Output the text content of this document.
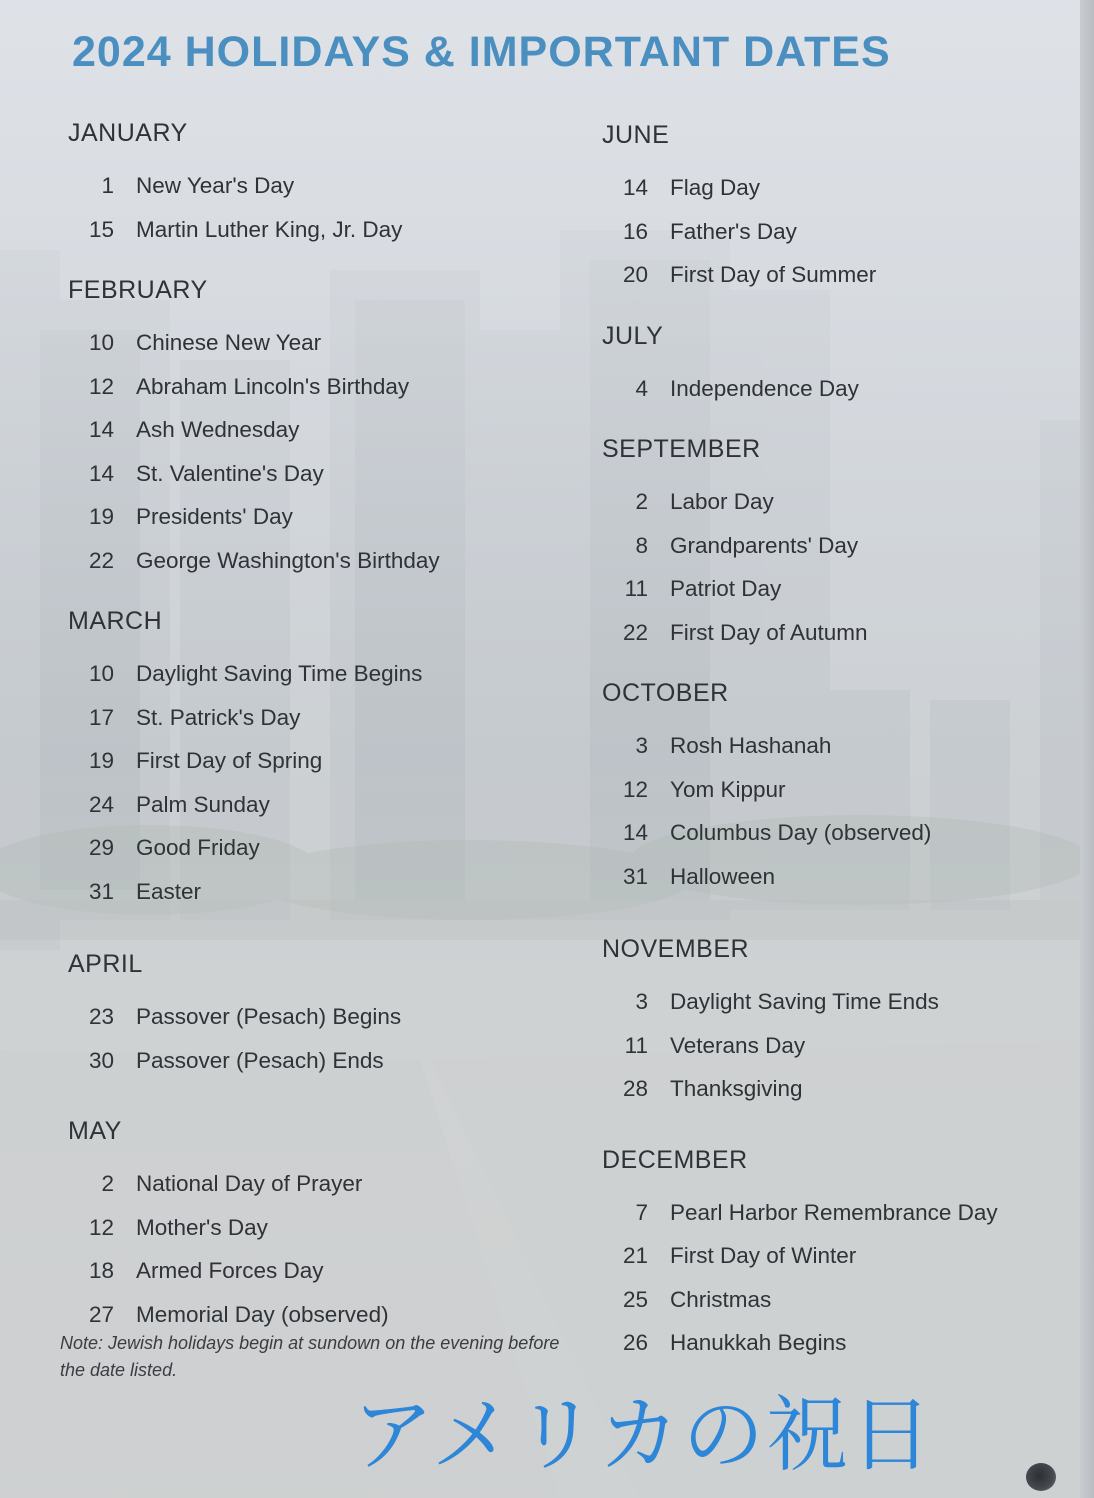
2024 HOLIDAYS & IMPORTANT DATES
JANUARY
1 New Year's Day
15 Martin Luther King, Jr. Day
FEBRUARY
10 Chinese New Year
12 Abraham Lincoln's Birthday
14 Ash Wednesday
14 St. Valentine's Day
19 Presidents' Day
22 George Washington's Birthday
MARCH
10 Daylight Saving Time Begins
17 St. Patrick's Day
19 First Day of Spring
24 Palm Sunday
29 Good Friday
31 Easter
APRIL
23 Passover (Pesach) Begins
30 Passover (Pesach) Ends
MAY
2 National Day of Prayer
12 Mother's Day
18 Armed Forces Day
27 Memorial Day (observed)
JUNE
14 Flag Day
16 Father's Day
20 First Day of Summer
JULY
4 Independence Day
SEPTEMBER
2 Labor Day
8 Grandparents' Day
11 Patriot Day
22 First Day of Autumn
OCTOBER
3 Rosh Hashanah
12 Yom Kippur
14 Columbus Day (observed)
31 Halloween
NOVEMBER
3 Daylight Saving Time Ends
11 Veterans Day
28 Thanksgiving
DECEMBER
7 Pearl Harbor Remembrance Day
21 First Day of Winter
25 Christmas
26 Hanukkah Begins
Note: Jewish holidays begin at sundown on the evening before the date listed.
アメリカの祝日
